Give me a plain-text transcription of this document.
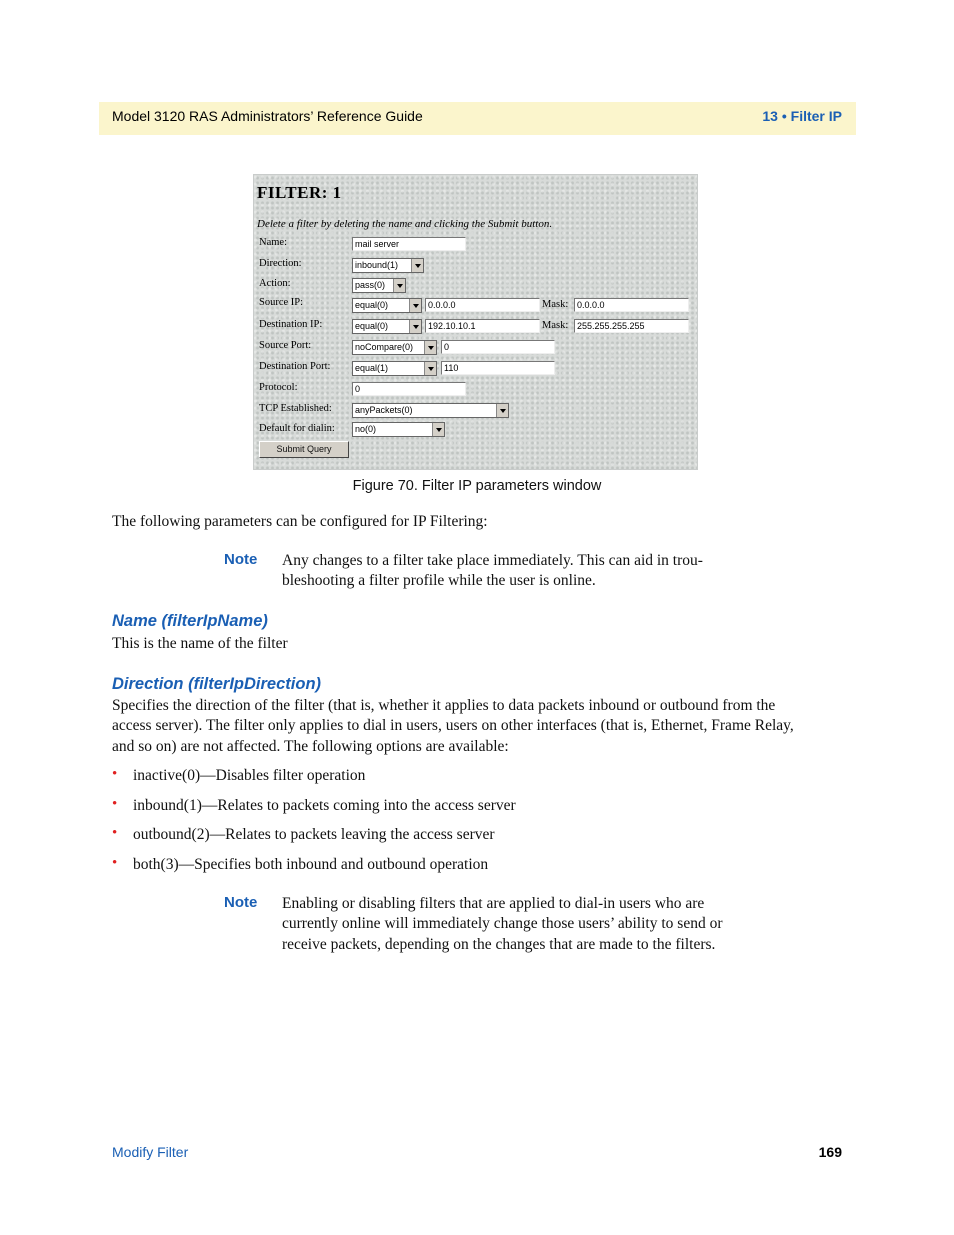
Model 3120 RAS Administrators’ Reference Guide	13 • Filter IP
FILTER: 1
Delete a filter by deleting the name and clicking the Submit button.
Name:	mail server
Direction:	inbound(1)
Action:	pass(0)
Source IP:	equal(0)	0.0.0.0	Mask: 0.0.0.0
Destination IP:	equal(0)	192.10.10.1	Mask: 255.255.255.255
Source Port:	noCompare(0)	0
Destination Port:	equal(1)	110
Protocol:	0
TCP Established:	anyPackets(0)
Default for dialin:	no(0)
Submit Query
Figure 70. Filter IP parameters window
The following parameters can be configured for IP Filtering:
Note Any changes to a filter take place immediately. This can aid in trou-
bleshooting a filter profile while the user is online.
Name (filterIpName)
This is the name of the filter
Direction (filterIpDirection)
Specifies the direction of the filter (that is, whether it applies to data packets inbound or outbound from the
access server). The filter only applies to dial in users, users on other interfaces (that is, Ethernet, Frame Relay,
and so on) are not affected. The following options are available:
• inactive(0)—Disables filter operation
• inbound(1)—Relates to packets coming into the access server
• outbound(2)—Relates to packets leaving the access server
• both(3)—Specifies both inbound and outbound operation
Note Enabling or disabling filters that are applied to dial-in users who are
currently online will immediately change those users’ ability to send or
receive packets, depending on the changes that are made to the filters.
Modify Filter	169
